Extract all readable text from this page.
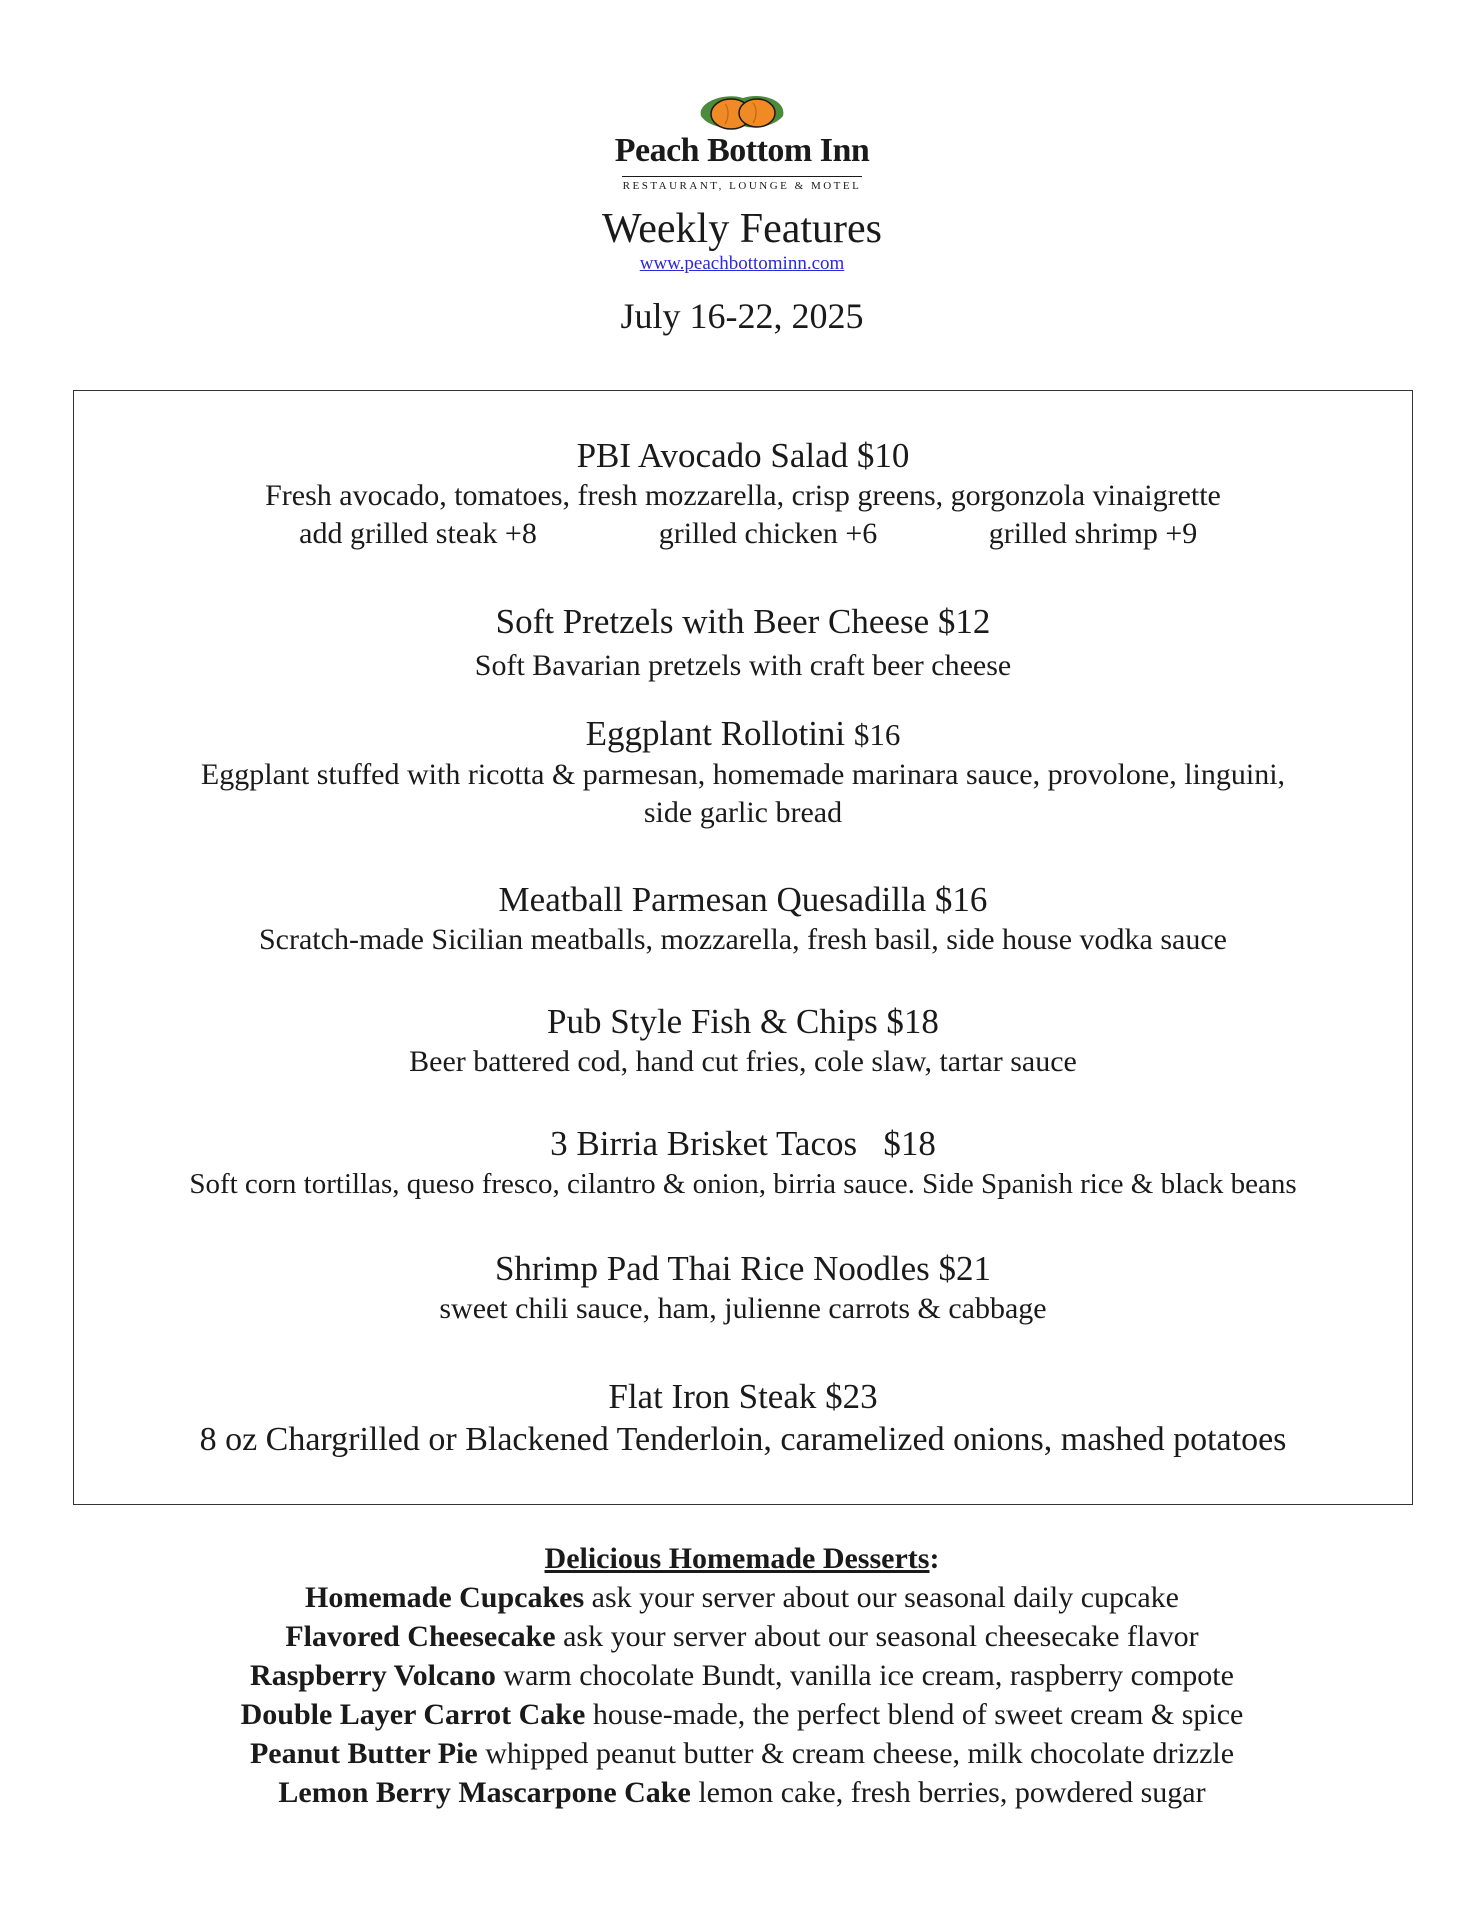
Peach Bottom Inn
RESTAURANT, LOUNGE & MOTEL
Weekly Features
www.peachbottominn.com
July 16-22, 2025
PBI Avocado Salad $10
Fresh avocado, tomatoes, fresh mozzarella, crisp greens, gorgonzola vinaigrette
add grilled steak +8	grilled chicken +6	grilled shrimp +9
Soft Pretzels with Beer Cheese $12
Soft Bavarian pretzels with craft beer cheese
Eggplant Rollotini $16
Eggplant stuffed with ricotta & parmesan, homemade marinara sauce, provolone, linguini,
side garlic bread
Meatball Parmesan Quesadilla $16
Scratch-made Sicilian meatballs, mozzarella, fresh basil, side house vodka sauce
Pub Style Fish & Chips $18
Beer battered cod, hand cut fries, cole slaw, tartar sauce
3 Birria Brisket Tacos $18
Soft corn tortillas, queso fresco, cilantro & onion, birria sauce. Side Spanish rice & black beans
Shrimp Pad Thai Rice Noodles $21
sweet chili sauce, ham, julienne carrots & cabbage
Flat Iron Steak $23
8 oz Chargrilled or Blackened Tenderloin, caramelized onions, mashed potatoes
Delicious Homemade Desserts:
Homemade Cupcakes ask your server about our seasonal daily cupcake
Flavored Cheesecake ask your server about our seasonal cheesecake flavor
Raspberry Volcano warm chocolate Bundt, vanilla ice cream, raspberry compote
Double Layer Carrot Cake house-made, the perfect blend of sweet cream & spice
Peanut Butter Pie whipped peanut butter & cream cheese, milk chocolate drizzle
Lemon Berry Mascarpone Cake lemon cake, fresh berries, powdered sugar
